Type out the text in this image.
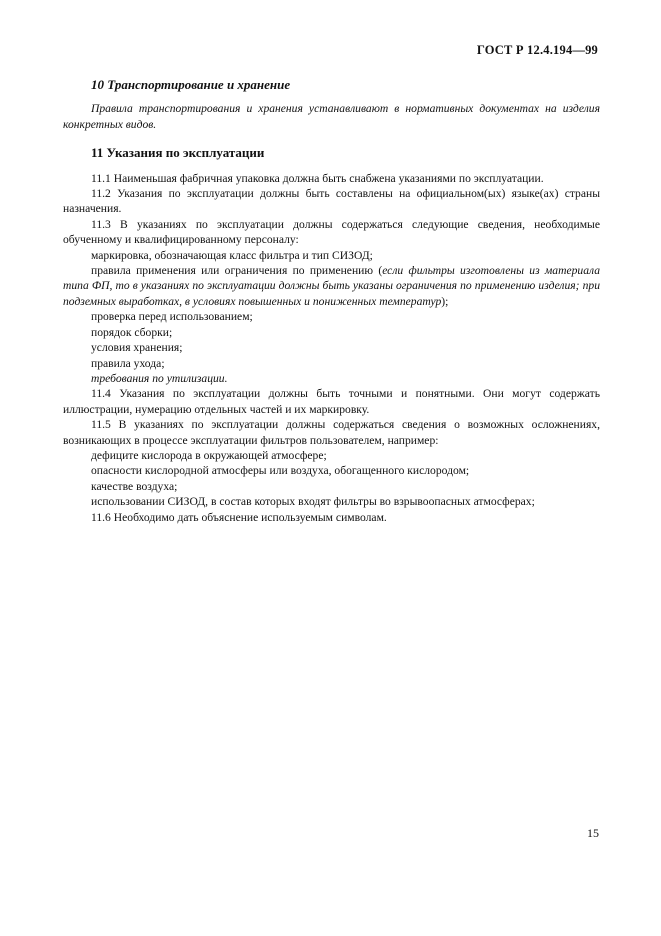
ГОСТ Р 12.4.194—99
10 Транспортирование и хранение

Правила транспортирования и хранения устанавливают в нормативных документах на изделия конкретных видов.

11 Указания по эксплуатации

11.1 Наименьшая фабричная упаковка должна быть снабжена указаниями по эксплуатации.

11.2 Указания по эксплуатации должны быть составлены на официальном(ых) языке(ах) страны назначения.

11.3 В указаниях по эксплуатации должны содержаться следующие сведения, необходимые обученному и квалифицированному персоналу:

маркировка, обозначающая класс фильтра и тип СИЗОД;

правила применения или ограничения по применению (если фильтры изготовлены из материала типа ФП, то в указаниях по эксплуатации должны быть указаны ограничения по применению изделия; при подземных выработках, в условиях повышенных и пониженных температур);

проверка перед использованием;

порядок сборки;

условия хранения;

правила ухода;

требования по утилизации.

11.4 Указания по эксплуатации должны быть точными и понятными. Они могут содержать иллюстрации, нумерацию отдельных частей и их маркировку.

11.5 В указаниях по эксплуатации должны содержаться сведения о возможных осложнениях, возникающих в процессе эксплуатации фильтров пользователем, например:

дефиците кислорода в окружающей атмосфере;

опасности кислородной атмосферы или воздуха, обогащенного кислородом;

качестве воздуха;

использовании СИЗОД, в состав которых входят фильтры во взрывоопасных атмосферах;

11.6 Необходимо дать объяснение используемым символам.

15
